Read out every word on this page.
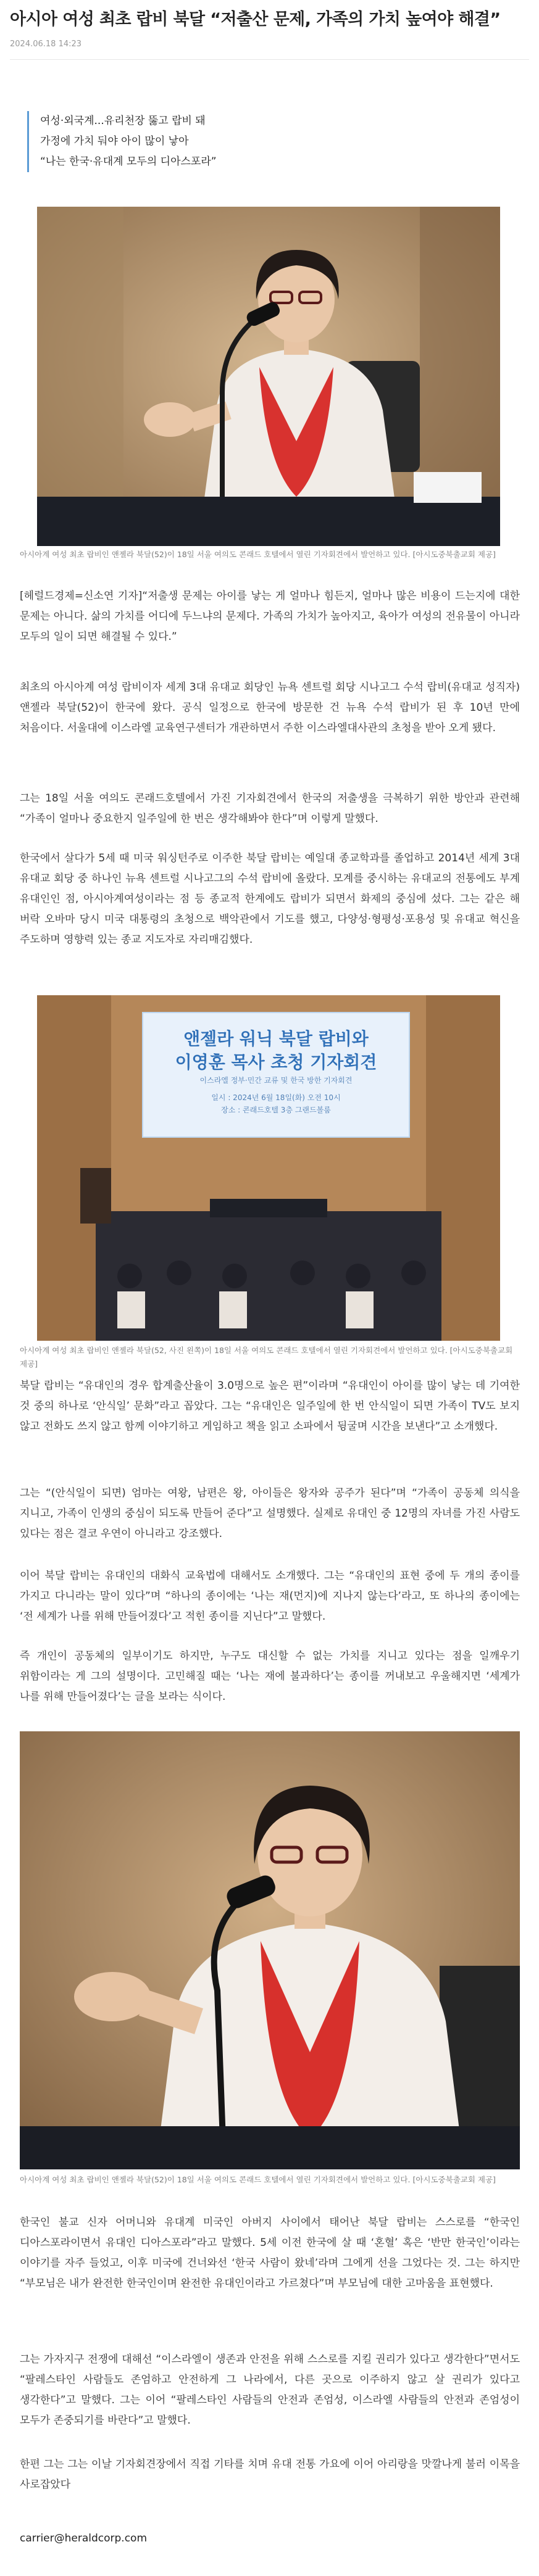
아시아 여성 최초 랍비 북달 “저출산 문제, 가족의 가치 높여야 해결”
2024.06.18 14:23
여성·외국계...유리천장 뚫고 랍비 돼
가정에 가치 둬야 아이 많이 낳아
“나는 한국·유대계 모두의 디아스포라”
아시아계 여성 최초 랍비인 앤젤라 북달(52)이 18일 서울 여의도 콘래드 호텔에서 열린 기자회견에서 발언하고 있다. [아시도중북출교회 제공]
[헤럴드경제=신소연 기자]“저출생 문제는 아이를 낳는 게 얼마나 힘든지, 얼마나 많은 비용이 드는지에 대한 문제는 아니다. 삶의 가치를 어디에 두느냐의 문제다. 가족의 가치가 높아지고, 육아가 여성의 전유물이 아니라 모두의 일이 되면 해결될 수 있다.”
최초의 아시아계 여성 랍비이자 세계 3대 유대교 회당인 뉴욕 센트럴 회당 시나고그 수석 랍비(유대교 성직자) 앤젤라 북달(52)이 한국에 왔다. 공식 일정으로 한국에 방문한 건 뉴욕 수석 랍비가 된 후 10년 만에 처음이다. 서울대에 이스라엘 교육연구센터가 개관하면서 주한 이스라엘대사관의 초청을 받아 오게 됐다.
그는 18일 서울 여의도 콘래드호텔에서 가진 기자회견에서 한국의 저출생을 극복하기 위한 방안과 관련해 “가족이 얼마나 중요한지 일주일에 한 번은 생각해봐야 한다”며 이렇게 말했다.
한국에서 살다가 5세 때 미국 워싱턴주로 이주한 북달 랍비는 예일대 종교학과를 졸업하고 2014년 세계 3대 유대교 회당 중 하나인 뉴욕 센트럴 시나고그의 수석 랍비에 올랐다. 모계를 중시하는 유대교의 전통에도 부계 유대인인 점, 아시아계여성이라는 점 등 종교적 한계에도 랍비가 되면서 화제의 중심에 섰다. 그는 같은 해 버락 오바마 당시 미국 대통령의 초청으로 백악관에서 기도를 했고, 다양성·형평성·포용성 및 유대교 혁신을 주도하며 영향력 있는 종교 지도자로 자리매김했다.
앤젤라 워닉 북달 랍비와
이영훈 목사 초청 기자회견
이스라엘 정부·민간 교류 및 한국 방한 기자회견
일시 : 2024년 6월 18일(화) 오전 10시
장소 : 콘래드호텔 3층 그랜드볼룸
아시아계 여성 최초 랍비인 앤젤라 북달(52, 사진 왼쪽)이 18일 서울 여의도 콘래드 호텔에서 열린 기자회견에서 발언하고 있다. [아시도중북출교회 제공]
북달 랍비는 “유대인의 경우 합계출산율이 3.0명으로 높은 편”이라며 “유대인이 아이를 많이 낳는 데 기여한 것 중의 하나로 ‘안식일’ 문화”라고 꼽았다. 그는 “유대인은 일주일에 한 번 안식일이 되면 가족이 TV도 보지 않고 전화도 쓰지 않고 함께 이야기하고 게임하고 책을 읽고 소파에서 뒹굴며 시간을 보낸다”고 소개했다.
그는 “(안식일이 되면) 엄마는 여왕, 남편은 왕, 아이들은 왕자와 공주가 된다”며 “가족이 공동체 의식을 지니고, 가족이 인생의 중심이 되도록 만들어 준다”고 설명했다. 실제로 유대인 중 12명의 자녀를 가진 사람도 있다는 점은 결코 우연이 아니라고 강조했다.
이어 북달 랍비는 유대인의 대화식 교육법에 대해서도 소개했다. 그는 “유대인의 표현 중에 두 개의 종이를 가지고 다니라는 말이 있다”며 “하나의 종이에는 ‘나는 재(먼지)에 지나지 않는다’라고, 또 하나의 종이에는 ‘전 세계가 나를 위해 만들어졌다’고 적힌 종이를 지닌다”고 말했다.
즉 개인이 공동체의 일부이기도 하지만, 누구도 대신할 수 없는 가치를 지니고 있다는 점을 일깨우기 위함이라는 게 그의 설명이다. 고민해질 때는 ‘나는 재에 불과하다’는 종이를 꺼내보고 우울해지면 ‘세계가 나를 위해 만들어졌다’는 글을 보라는 식이다.
아시아계 여성 최초 랍비인 앤젤라 북달(52)이 18일 서울 여의도 콘래드 호텔에서 열린 기자회견에서 발언하고 있다. [아시도중북출교회 제공]
한국인 불교 신자 어머니와 유대계 미국인 아버지 사이에서 태어난 북달 랍비는 스스로를 “한국인 디아스포라이면서 유대인 디아스포라”라고 말했다. 5세 이전 한국에 살 때 ‘혼혈’ 혹은 ‘반만 한국인’이라는 이야기를 자주 들었고, 이후 미국에 건너와선 ‘한국 사람이 왔네’라며 그에게 선을 그었다는 것. 그는 하지만 “부모님은 내가 완전한 한국인이며 완전한 유대인이라고 가르쳤다”며 부모님에 대한 고마움을 표현했다.
그는 가자지구 전쟁에 대해선 “이스라엘이 생존과 안전을 위해 스스로를 지킬 권리가 있다고 생각한다”면서도 “팔레스타인 사람들도 존엄하고 안전하게 그 나라에서, 다른 곳으로 이주하지 않고 살 권리가 있다고 생각한다”고 말했다. 그는 이어 “팔레스타인 사람들의 안전과 존엄성, 이스라엘 사람들의 안전과 존엄성이 모두가 존중되기를 바란다”고 말했다.
한편 그는 그는 이날 기자회견장에서 직접 기타를 치며 유대 전통 가요에 이어 아리랑을 맛깔나게 불러 이목을 사로잡았다
carrier@heraldcorp.com
